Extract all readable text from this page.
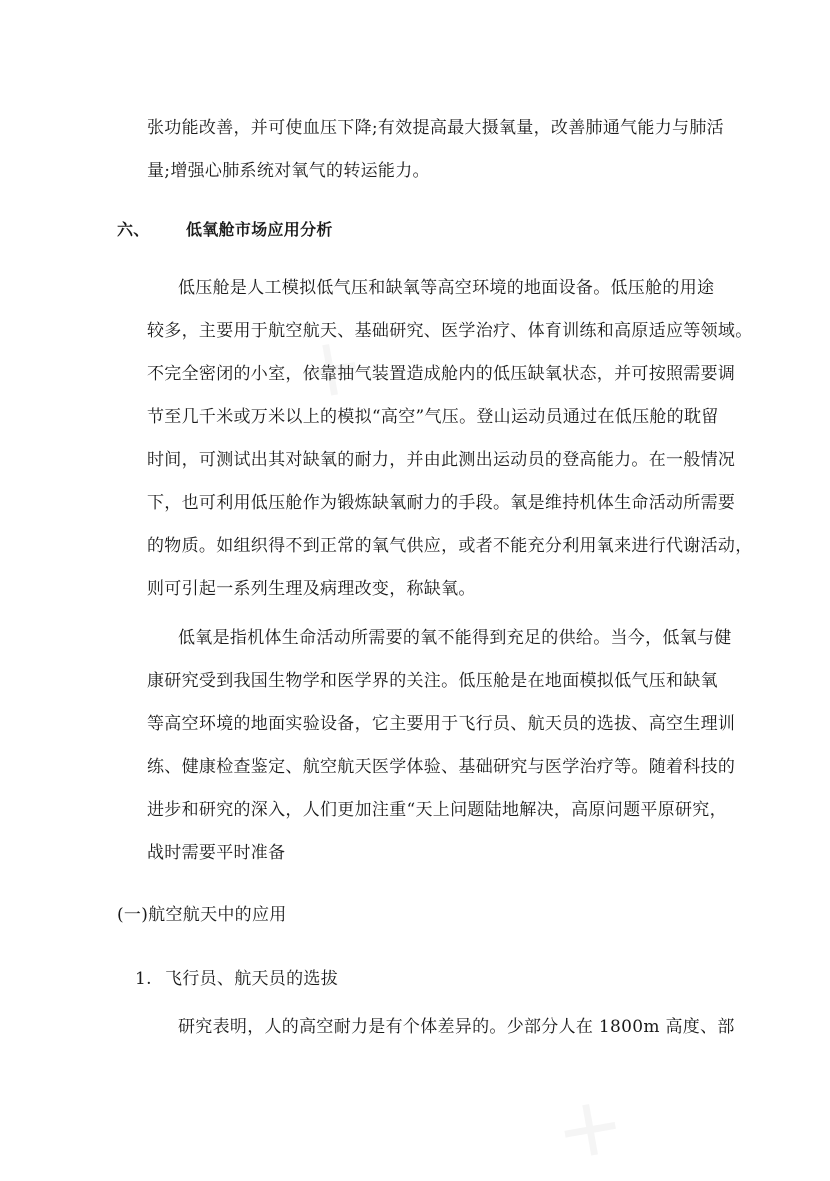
✕
✕
张功能改善，并可使血压下降;有效提高最大摄氧量，改善肺通气能力与肺活
量;增强心肺系统对氧气的转运能力。
六、 低氧舱市场应用分析
低压舱是人工模拟低气压和缺氧等高空环境的地面设备。低压舱的用途
较多，主要用于航空航天、基础研究、医学治疗、体育训练和高原适应等领域。
不完全密闭的小室，依靠抽气装置造成舱内的低压缺氧状态，并可按照需要调
节至几千米或万米以上的模拟“高空”气压。登山运动员通过在低压舱的耽留
时间，可测试出其对缺氧的耐力，并由此测出运动员的登高能力。在一般情况
下，也可利用低压舱作为锻炼缺氧耐力的手段。氧是维持机体生命活动所需要
的物质。如组织得不到正常的氧气供应，或者不能充分利用氧来进行代谢活动，
则可引起一系列生理及病理改变，称缺氧。
低氧是指机体生命活动所需要的氧不能得到充足的供给。当今，低氧与健
康研究受到我国生物学和医学界的关注。低压舱是在地面模拟低气压和缺氧
等高空环境的地面实验设备，它主要用于飞行员、航天员的选拔、高空生理训
练、健康检查鉴定、航空航天医学体验、基础研究与医学治疗等。随着科技的
进步和研究的深入，人们更加注重“天上问题陆地解决，高原问题平原研究，
战时需要平时准备
(一)航空航天中的应用
1. 飞行员、航天员的选拔
研究表明，人的高空耐力是有个体差异的。少部分人在 1800m 高度、部
